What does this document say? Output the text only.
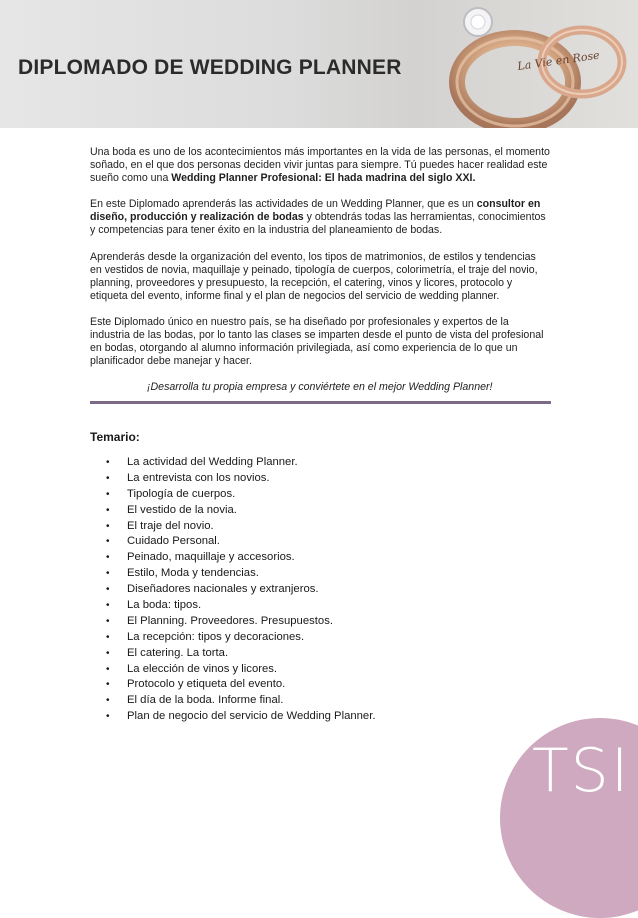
La Vie en Rose
DIPLOMADO DE WEDDING PLANNER

Una boda es uno de los acontecimientos más importantes en la vida de las personas, el momento soñado, en el que dos personas deciden vivir juntas para siempre. Tú puedes hacer realidad este sueño como una Wedding Planner Profesional: El hada madrina del siglo XXI.

En este Diplomado aprenderás las actividades de un Wedding Planner, que es un consultor en diseño, producción y realización de bodas y obtendrás todas las herramientas, conocimientos y competencias para tener éxito en la industria del planeamiento de bodas.

Aprenderás desde la organización del evento, los tipos de matrimonios, de estilos y tendencias en vestidos de novia, maquillaje y peinado, tipología de cuerpos, colorimetría, el traje del novio, planning, proveedores y presupuesto, la recepción, el catering, vinos y licores, protocolo y etiqueta del evento, informe final y el plan de negocios del servicio de wedding planner.

Este Diplomado único en nuestro país, se ha diseñado por profesionales y expertos de la industria de las bodas, por lo tanto las clases se imparten desde el punto de vista del profesional en bodas, otorgando al alumno información privilegiada, así como experiencia de lo que un planificador debe manejar y hacer.

¡Desarrolla tu propia empresa y conviértete en el mejor Wedding Planner!

Temario:
• La actividad del Wedding Planner.
• La entrevista con los novios.
• Tipología de cuerpos.
• El vestido de la novia.
• El traje del novio.
• Cuidado Personal.
• Peinado, maquillaje y accesorios.
• Estilo, Moda y tendencias.
• Diseñadores nacionales y extranjeros.
• La boda: tipos.
• El Planning. Proveedores. Presupuestos.
• La recepción: tipos y decoraciones.
• El catering. La torta.
• La elección de vinos y licores.
• Protocolo y etiqueta del evento.
• El día de la boda. Informe final.
• Plan de negocio del servicio de Wedding Planner.
TSI
